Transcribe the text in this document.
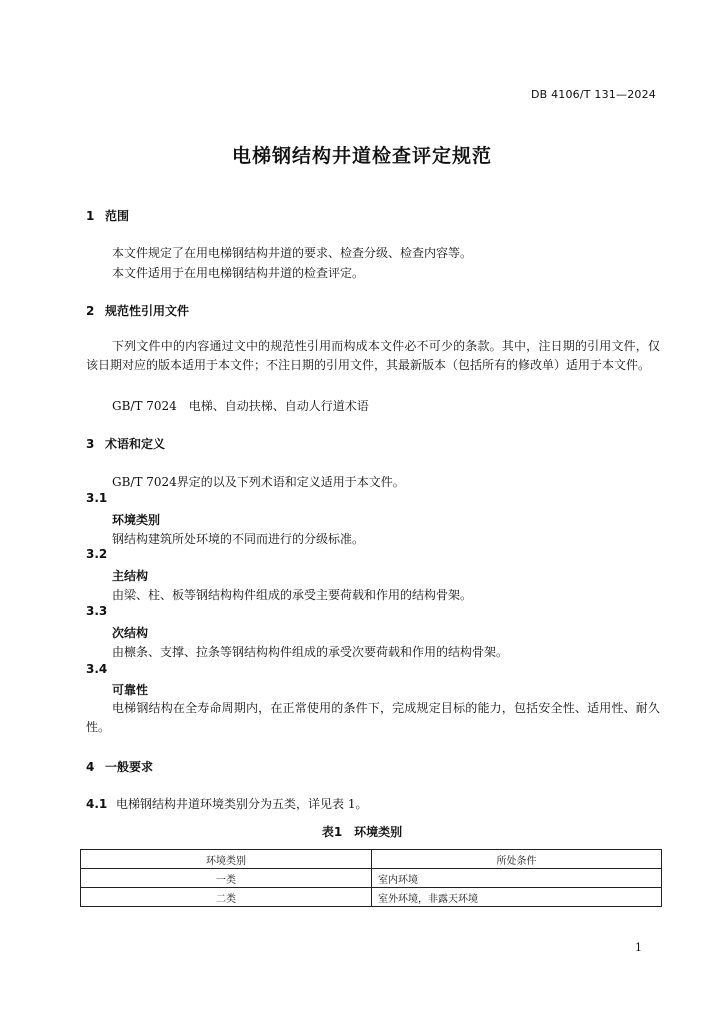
DB 4106/T 131—2024
电梯钢结构井道检查评定规范
1 范围
本文件规定了在用电梯钢结构井道的要求、检查分级、检查内容等。
本文件适用于在用电梯钢结构井道的检查评定。
2 规范性引用文件
下列文件中的内容通过文中的规范性引用而构成本文件必不可少的条款。其中，注日期的引用文件，仅该日期对应的版本适用于本文件；不注日期的引用文件，其最新版本（包括所有的修改单）适用于本文件。
GB/T 7024　电梯、自动扶梯、自动人行道术语
3 术语和定义
GB/T 7024界定的以及下列术语和定义适用于本文件。
3.1
环境类别
钢结构建筑所处环境的不同而进行的分级标准。
3.2
主结构
由梁、柱、板等钢结构构件组成的承受主要荷载和作用的结构骨架。
3.3
次结构
由檩条、支撑、拉条等钢结构构件组成的承受次要荷载和作用的结构骨架。
3.4
可靠性
电梯钢结构在全寿命周期内，在正常使用的条件下，完成规定目标的能力，包括安全性、适用性、耐久性。
4 一般要求
4.1 电梯钢结构井道环境类别分为五类，详见表 1。
表1　环境类别
环境类别	所处条件
一类	室内环境
二类	室外环境，非露天环境
1
